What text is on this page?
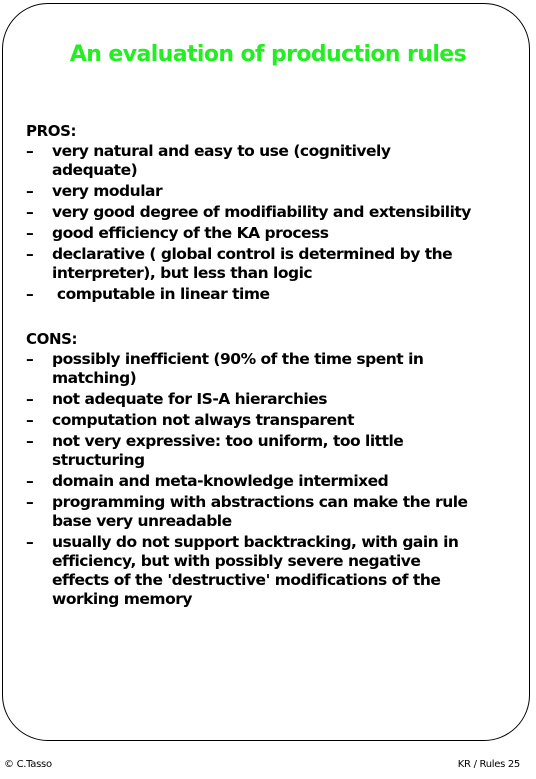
An evaluation of production rules
PROS:
– very natural and easy to use (cognitively
adequate)
– very modular
– very good degree of modifiability and extensibility
– good efficiency of the KA process
– declarative ( global control is determined by the
interpreter), but less than logic
– computable in linear time
CONS:
– possibly inefficient (90% of the time spent in
matching)
– not adequate for IS-A hierarchies
– computation not always transparent
– not very expressive: too uniform, too little
structuring
– domain and meta-knowledge intermixed
– programming with abstractions can make the rule
base very unreadable
– usually do not support backtracking, with gain in
efficiency, but with possibly severe negative
effects of the 'destructive' modifications of the
working memory
© C.Tasso	KR / Rules 25
